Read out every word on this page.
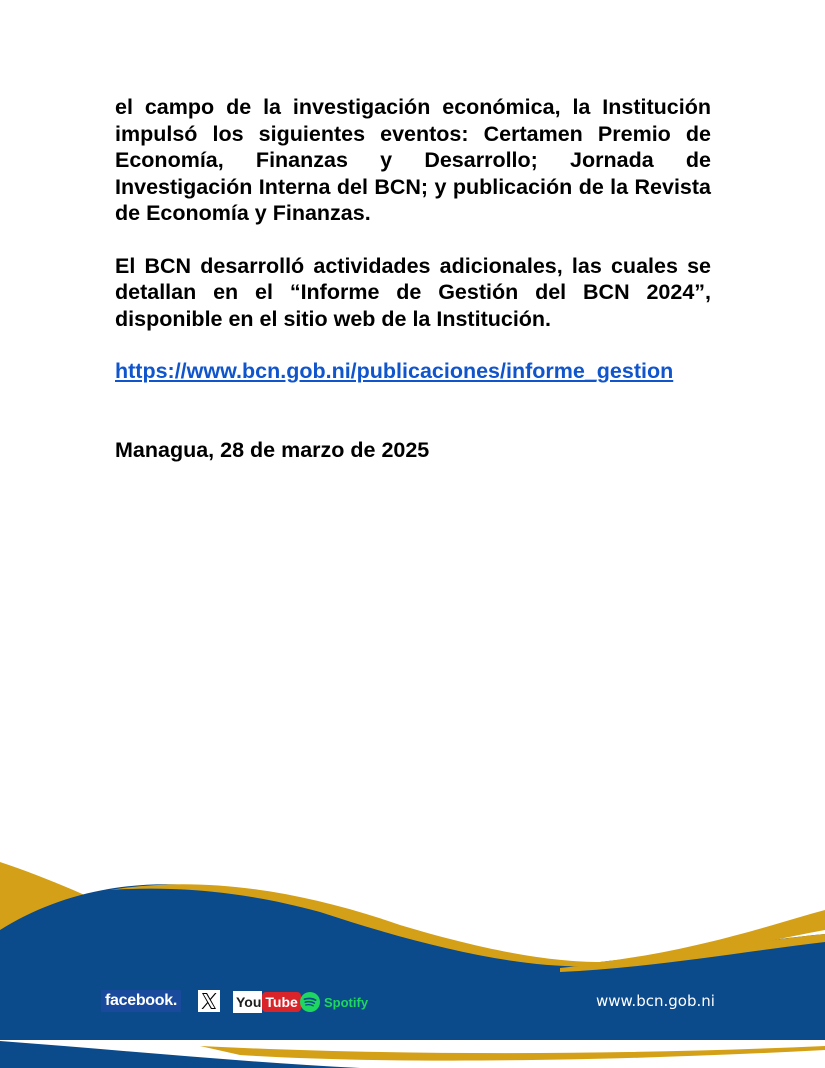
el campo de la investigación económica, la Institución impulsó los siguientes eventos: Certamen Premio de Economía, Finanzas y Desarrollo; Jornada de Investigación Interna del BCN; y publicación de la Revista de Economía y Finanzas.

El BCN desarrolló actividades adicionales, las cuales se detallan en el “Informe de Gestión del BCN 2024”, disponible en el sitio web de la Institución.

https://www.bcn.gob.ni/publicaciones/informe_gestion

Managua, 28 de marzo de 2025

facebook.	You Tube Spotify	www.bcn.gob.ni
